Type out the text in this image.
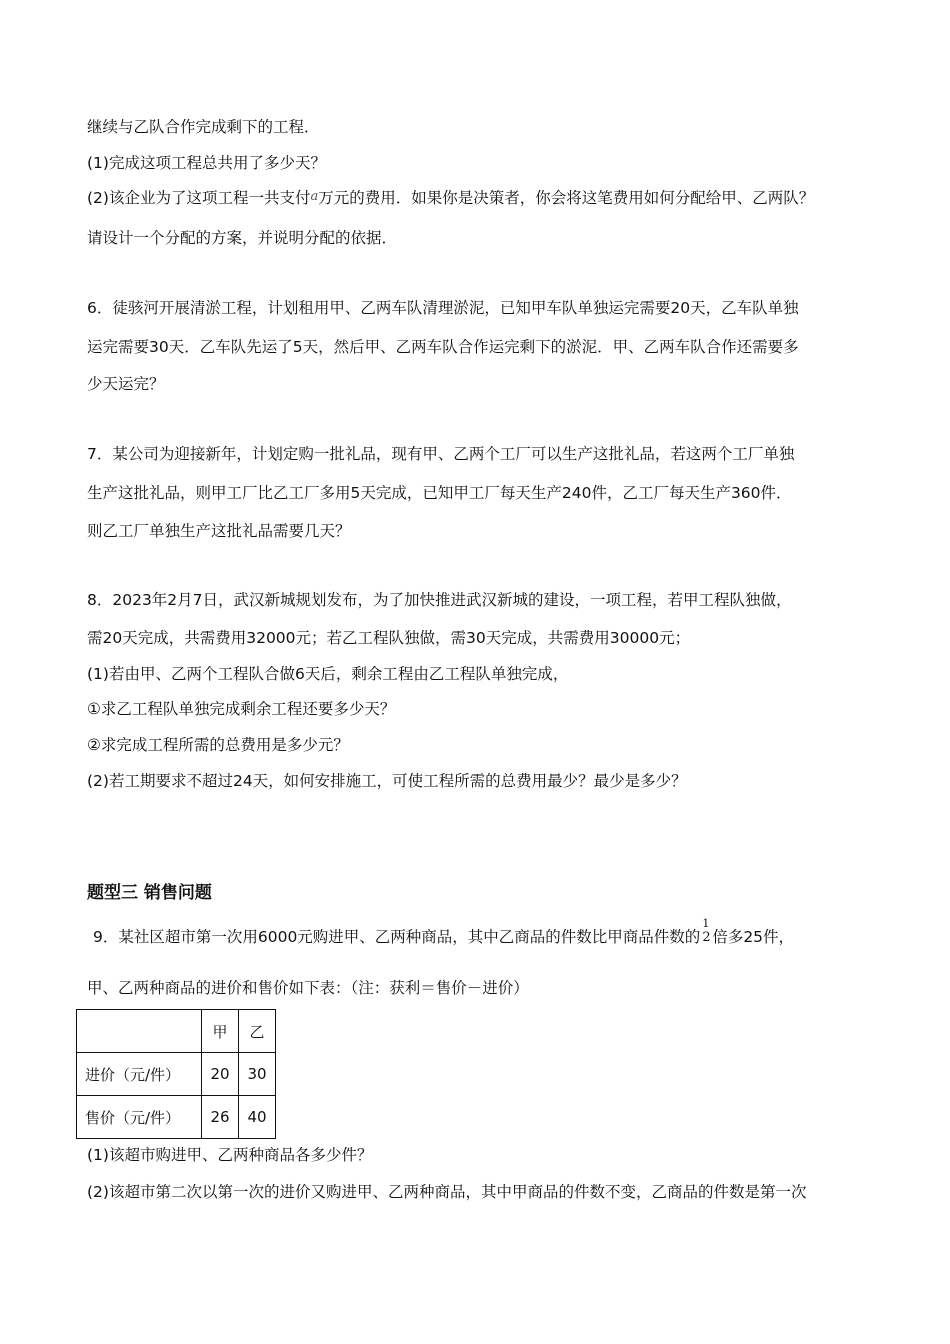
继续与乙队合作完成剩下的工程．
(1)完成这项工程总共用了多少天？
(2)该企业为了这项工程一共支付a万元的费用．如果你是决策者，你会将这笔费用如何分配给甲、乙两队？
请设计一个分配的方案，并说明分配的依据．
6．徒骇河开展清淤工程，计划租用甲、乙两车队清理淤泥，已知甲车队单独运完需要20天，乙车队单独
运完需要30天．乙车队先运了5天，然后甲、乙两车队合作运完剩下的淤泥．甲、乙两车队合作还需要多
少天运完？
7．某公司为迎接新年，计划定购一批礼品，现有甲、乙两个工厂可以生产这批礼品，若这两个工厂单独
生产这批礼品，则甲工厂比乙工厂多用5天完成，已知甲工厂每天生产240件，乙工厂每天生产360件．
则乙工厂单独生产这批礼品需要几天？
8．2023年2月7日，武汉新城规划发布，为了加快推进武汉新城的建设，一项工程，若甲工程队独做，
需20天完成，共需费用32000元；若乙工程队独做，需30天完成，共需费用30000元；
(1)若由甲、乙两个工程队合做6天后，剩余工程由乙工程队单独完成，
①求乙工程队单独完成剩余工程还要多少天？
②求完成工程所需的总费用是多少元？
(2)若工期要求不超过24天，如何安排施工，可使工程所需的总费用最少？最少是多少？
题型三 销售问题
9．某社区超市第一次用6000元购进甲、乙两种商品，其中乙商品的件数比甲商品件数的
1
2 倍多25件，
甲、乙两种商品的进价和售价如下表：（注：获利＝售价－进价）
	甲	乙
进价（元/件）	20	30
售价（元/件）	26	40
(1)该超市购进甲、乙两种商品各多少件？
(2)该超市第二次以第一次的进价又购进甲、乙两种商品，其中甲商品的件数不变，乙商品的件数是第一次
